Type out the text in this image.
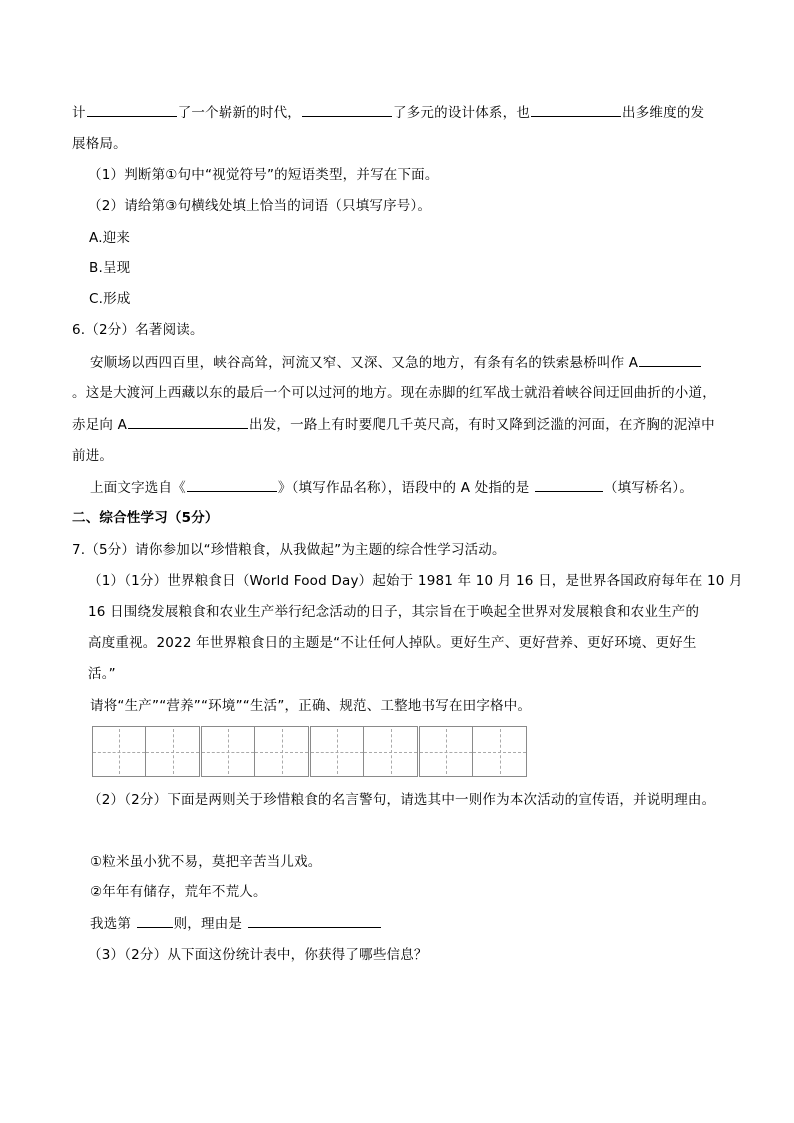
计	了一个崭新的时代，	了多元的设计体系，也	出多维度的发
展格局。
（1）判断第①句中“视觉符号”的短语类型，并写在下面。
（2）请给第③句横线处填上恰当的词语（只填写序号）。
A.迎来
B.呈现
C.形成
6.（2分）名著阅读。
安顺场以西四百里，峡谷高耸，河流又窄、又深、又急的地方，有条有名的铁索悬桥叫作 A
。这是大渡河上西藏以东的最后一个可以过河的地方。现在赤脚的红军战士就沿着峡谷间迂回曲折的小道，
赤足向 A	出发，一路上有时要爬几千英尺高，有时又降到泛滥的河面，在齐胸的泥淖中
前进。
上面文字选自《	》（填写作品名称），语段中的 A 处指的是	（填写桥名）。
二、综合性学习（5分）
7.（5分）请你参加以“珍惜粮食，从我做起”为主题的综合性学习活动。
（1）（1分）世界粮食日（World Food Day）起始于 1981 年 10 月 16 日，是世界各国政府每年在 10 月
16 日围绕发展粮食和农业生产举行纪念活动的日子，其宗旨在于唤起全世界对发展粮食和农业生产的
高度重视。2022 年世界粮食日的主题是“不让任何人掉队。更好生产、更好营养、更好环境、更好生
活。”
请将“生产”“营养”“环境”“生活”，正确、规范、工整地书写在田字格中。
（2）（2分）下面是两则关于珍惜粮食的名言警句，请选其中一则作为本次活动的宣传语，并说明理由。
①粒米虽小犹不易，莫把辛苦当儿戏。
②年年有储存，荒年不荒人。
我选第	则，理由是
（3）（2分）从下面这份统计表中，你获得了哪些信息？
